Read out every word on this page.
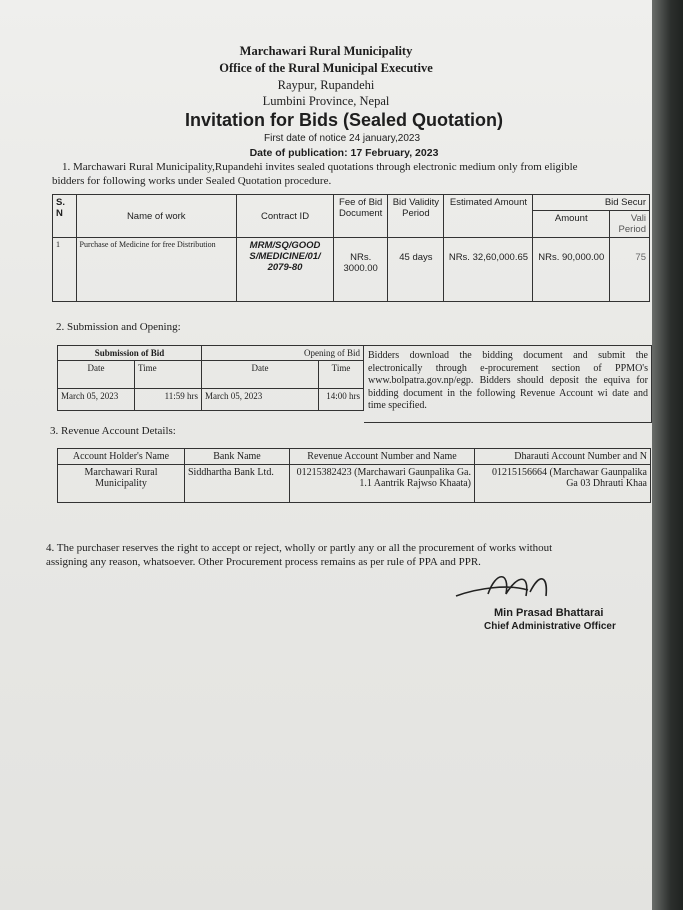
Marchawari Rural Municipality
Office of the Rural Municipal Executive
Raypur, Rupandehi
Lumbini Province, Nepal
Invitation for Bids (Sealed Quotation)
First date of notice 24 january,2023
Date of publication: 17 February, 2023
1. Marchawari Rural Municipality,Rupandehi invites sealed quotations through electronic medium only from eligible
bidders for following works under Sealed Quotation procedure.
S. N	Name of work	Contract ID	Fee of Bid Document	Bid Validity Period	Estimated Amount	Bid Secur	
						Amount	Vali Period
1	Purchase of Medicine for free Distribution	MRM/SQ/GOOD S/MEDICINE/01/ 2079-80	NRs. 3000.00	45 days	NRs. 32,60,000.65	NRs. 90,000.00	75
2. Submission and Opening:
Submission of Bid		Opening of Bid	
Date	Time	Date	Time
March 05, 2023	11:59 hrs	March 05, 2023	14:00 hrs
Bidders download the bidding document and submit the electronically through e-procurement section of PPMO's www.bolpatra.gov.np/egp. Bidders should deposit the equiva for bidding document in the following Revenue Account wi date and time specified.
3. Revenue Account Details:
Account Holder's Name	Bank Name	Revenue Account Number and Name	Dharauti Account Number and N
Marchawari Rural Municipality	Siddhartha Bank Ltd.	01215382423 (Marchawari Gaunpalika Ga. 1.1 Aantrik Rajwso Khaata)	01215156664 (Marchawar Gaunpalika Ga 03 Dhrauti Khaa
4. The purchaser reserves the right to accept or reject, wholly or partly any or all the procurement of works without
assigning any reason, whatsoever. Other Procurement process remains as per rule of PPA and PPR.
Min Prasad Bhattarai
Chief Administrative Officer
